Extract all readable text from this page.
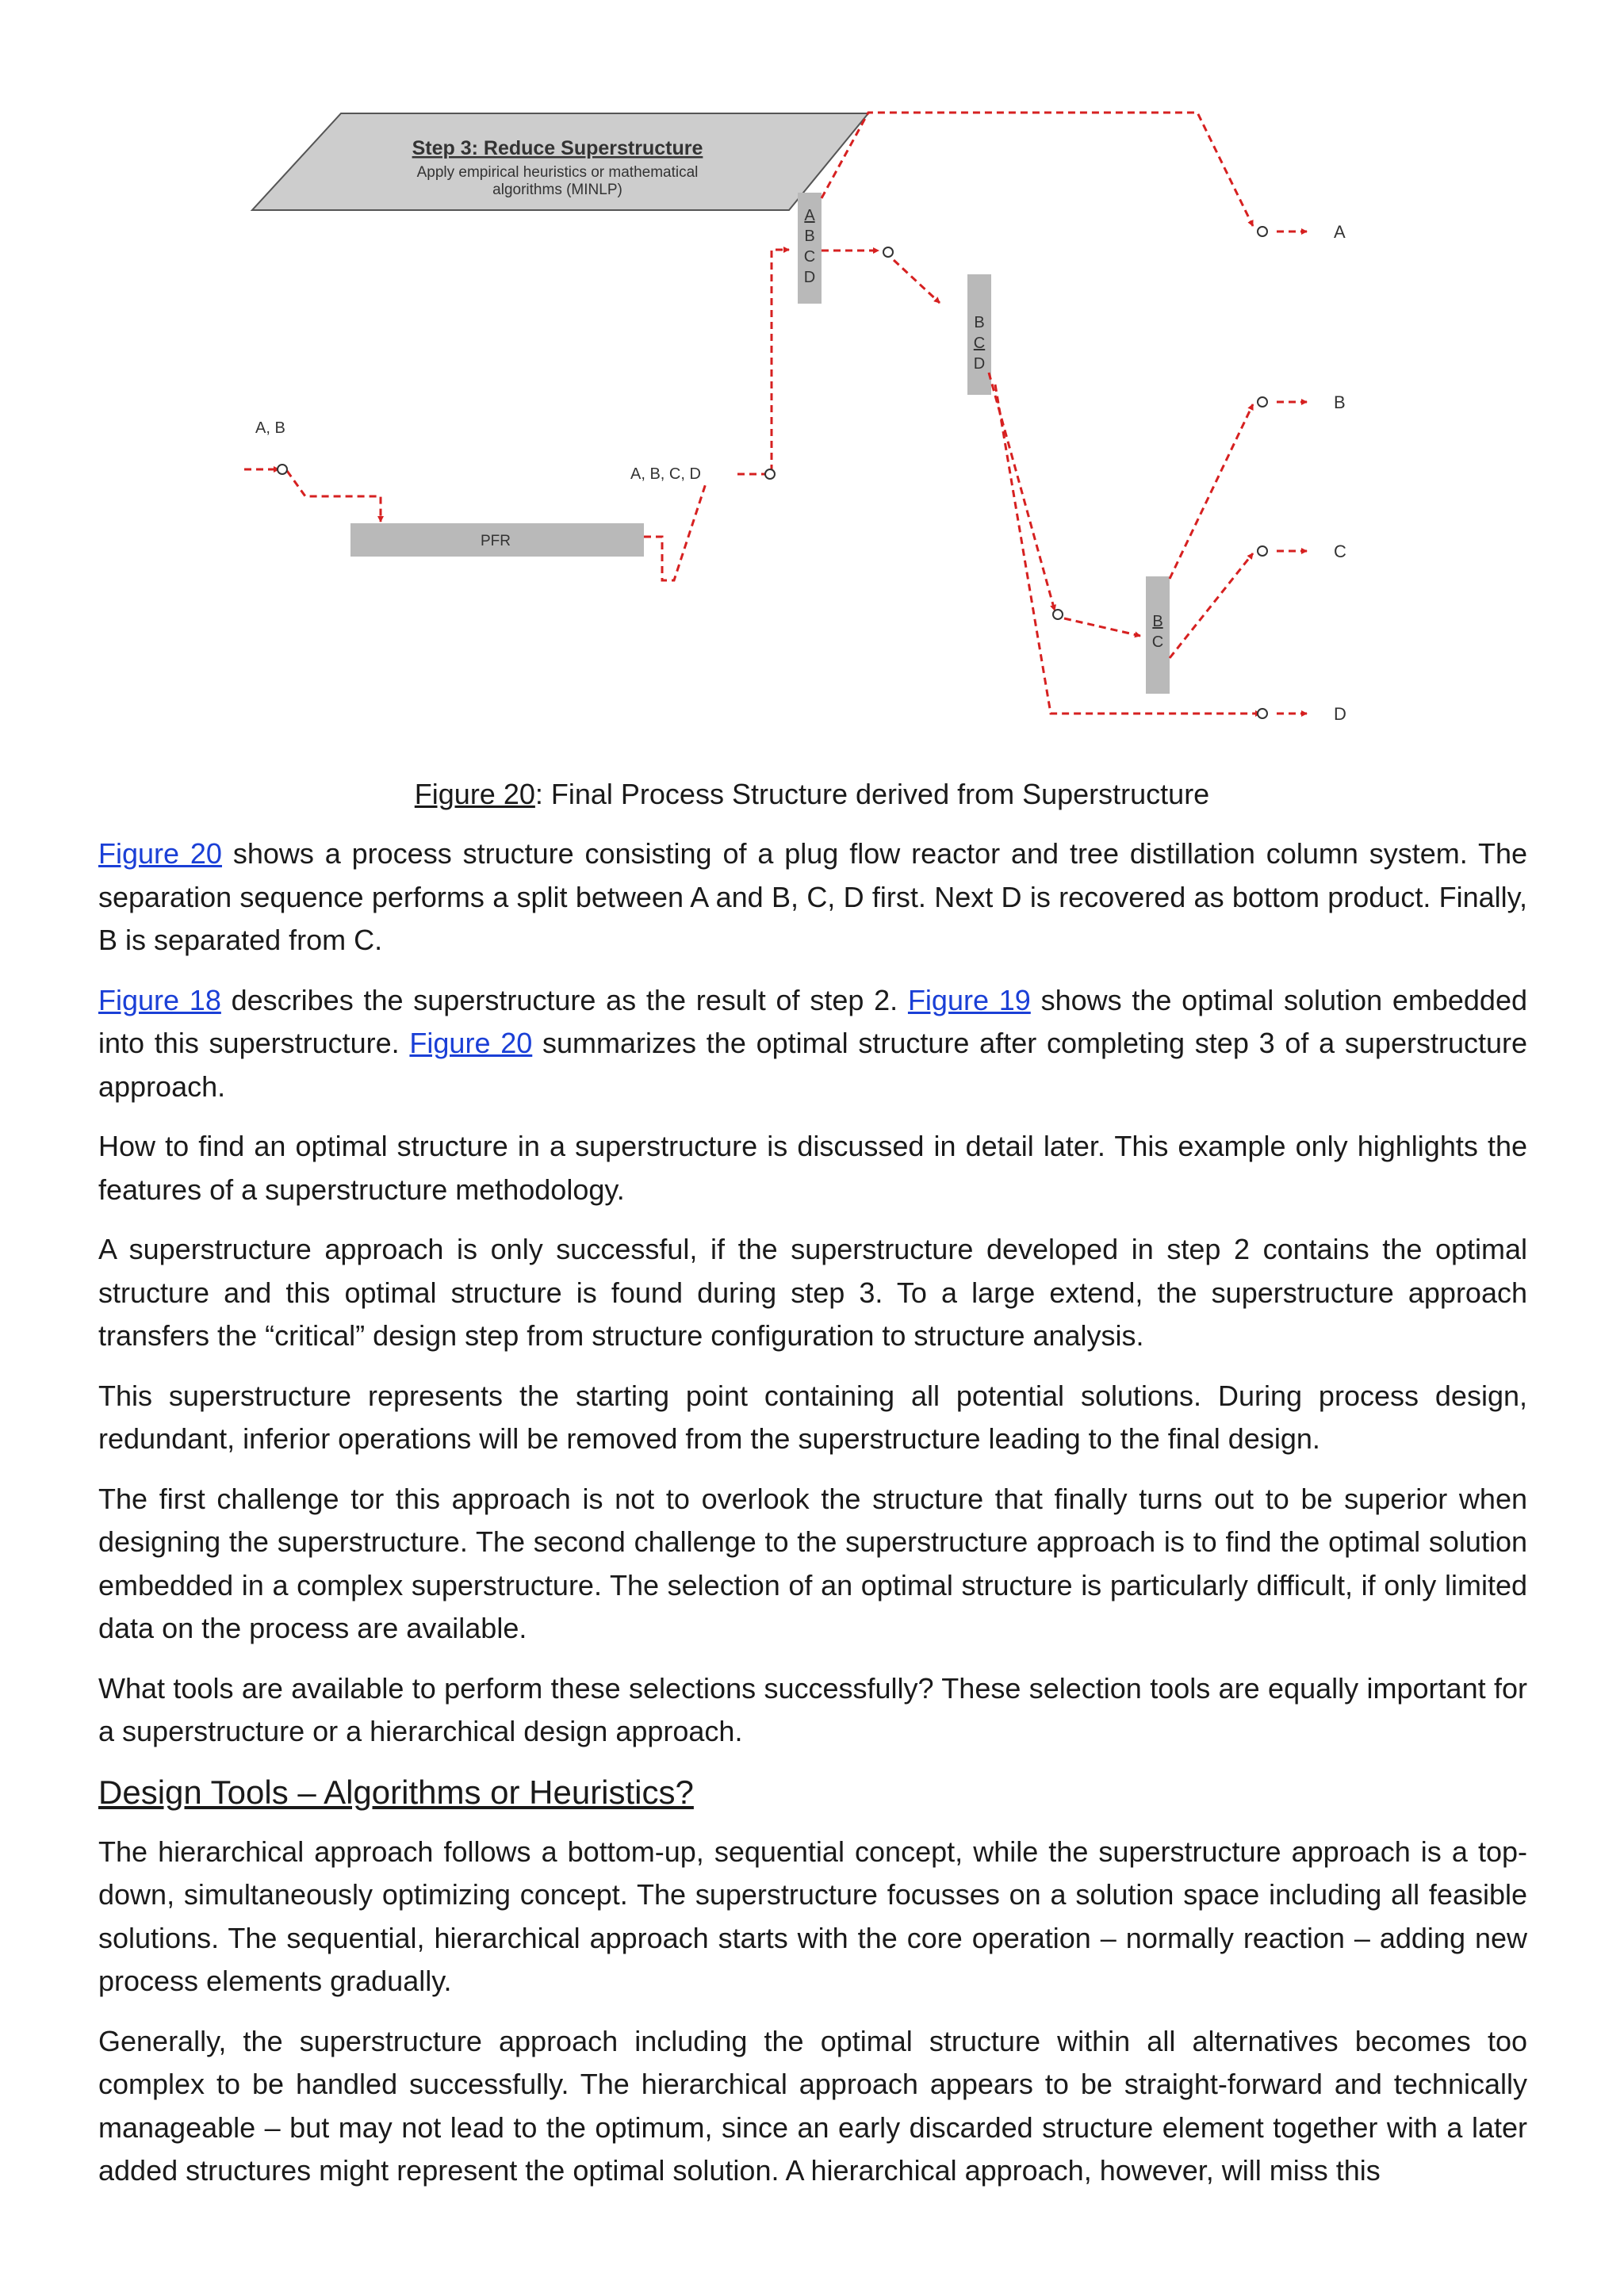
Step 3: Reduce Superstructure
Apply empirical heuristics or mathematical
algorithms (MINLP)
A, B
PFR
A, B, C, D
A
B
C
D
B
C
D
B
C
A
B
C
D
Figure 20: Final Process Structure derived from Superstructure

Figure 20 shows a process structure consisting of a plug flow reactor and tree distillation column system. The separation sequence performs a split between A and B, C, D first. Next D is recovered as bottom product. Finally, B is separated from C.

Figure 18 describes the superstructure as the result of step 2. Figure 19 shows the optimal solution embedded into this superstructure. Figure 20 summarizes the optimal structure after completing step 3 of a superstructure approach.

How to find an optimal structure in a superstructure is discussed in detail later. This example only highlights the features of a superstructure methodology.

A superstructure approach is only successful, if the superstructure developed in step 2 contains the optimal structure and this optimal structure is found during step 3. To a large extend, the superstructure approach transfers the “critical” design step from structure configuration to structure analysis.

This superstructure represents the starting point containing all potential solutions. During process design, redundant, inferior operations will be removed from the superstructure leading to the final design.

The first challenge tor this approach is not to overlook the structure that finally turns out to be superior when designing the superstructure. The second challenge to the superstructure approach is to find the optimal solution embedded in a complex superstructure. The selection of an optimal structure is particularly difficult, if only limited data on the process are available.

What tools are available to perform these selections successfully? These selection tools are equally important for a superstructure or a hierarchical design approach.

Design Tools – Algorithms or Heuristics?

The hierarchical approach follows a bottom-up, sequential concept, while the superstructure approach is a top-down, simultaneously optimizing concept. The superstructure focusses on a solution space including all feasible solutions. The sequential, hierarchical approach starts with the core operation – normally reaction – adding new process elements gradually.

Generally, the superstructure approach including the optimal structure within all alternatives becomes too complex to be handled successfully. The hierarchical approach appears to be straight-forward and technically manageable – but may not lead to the optimum, since an early discarded structure element together with a later added structures might represent the optimal solution. A hierarchical approach, however, will miss this
